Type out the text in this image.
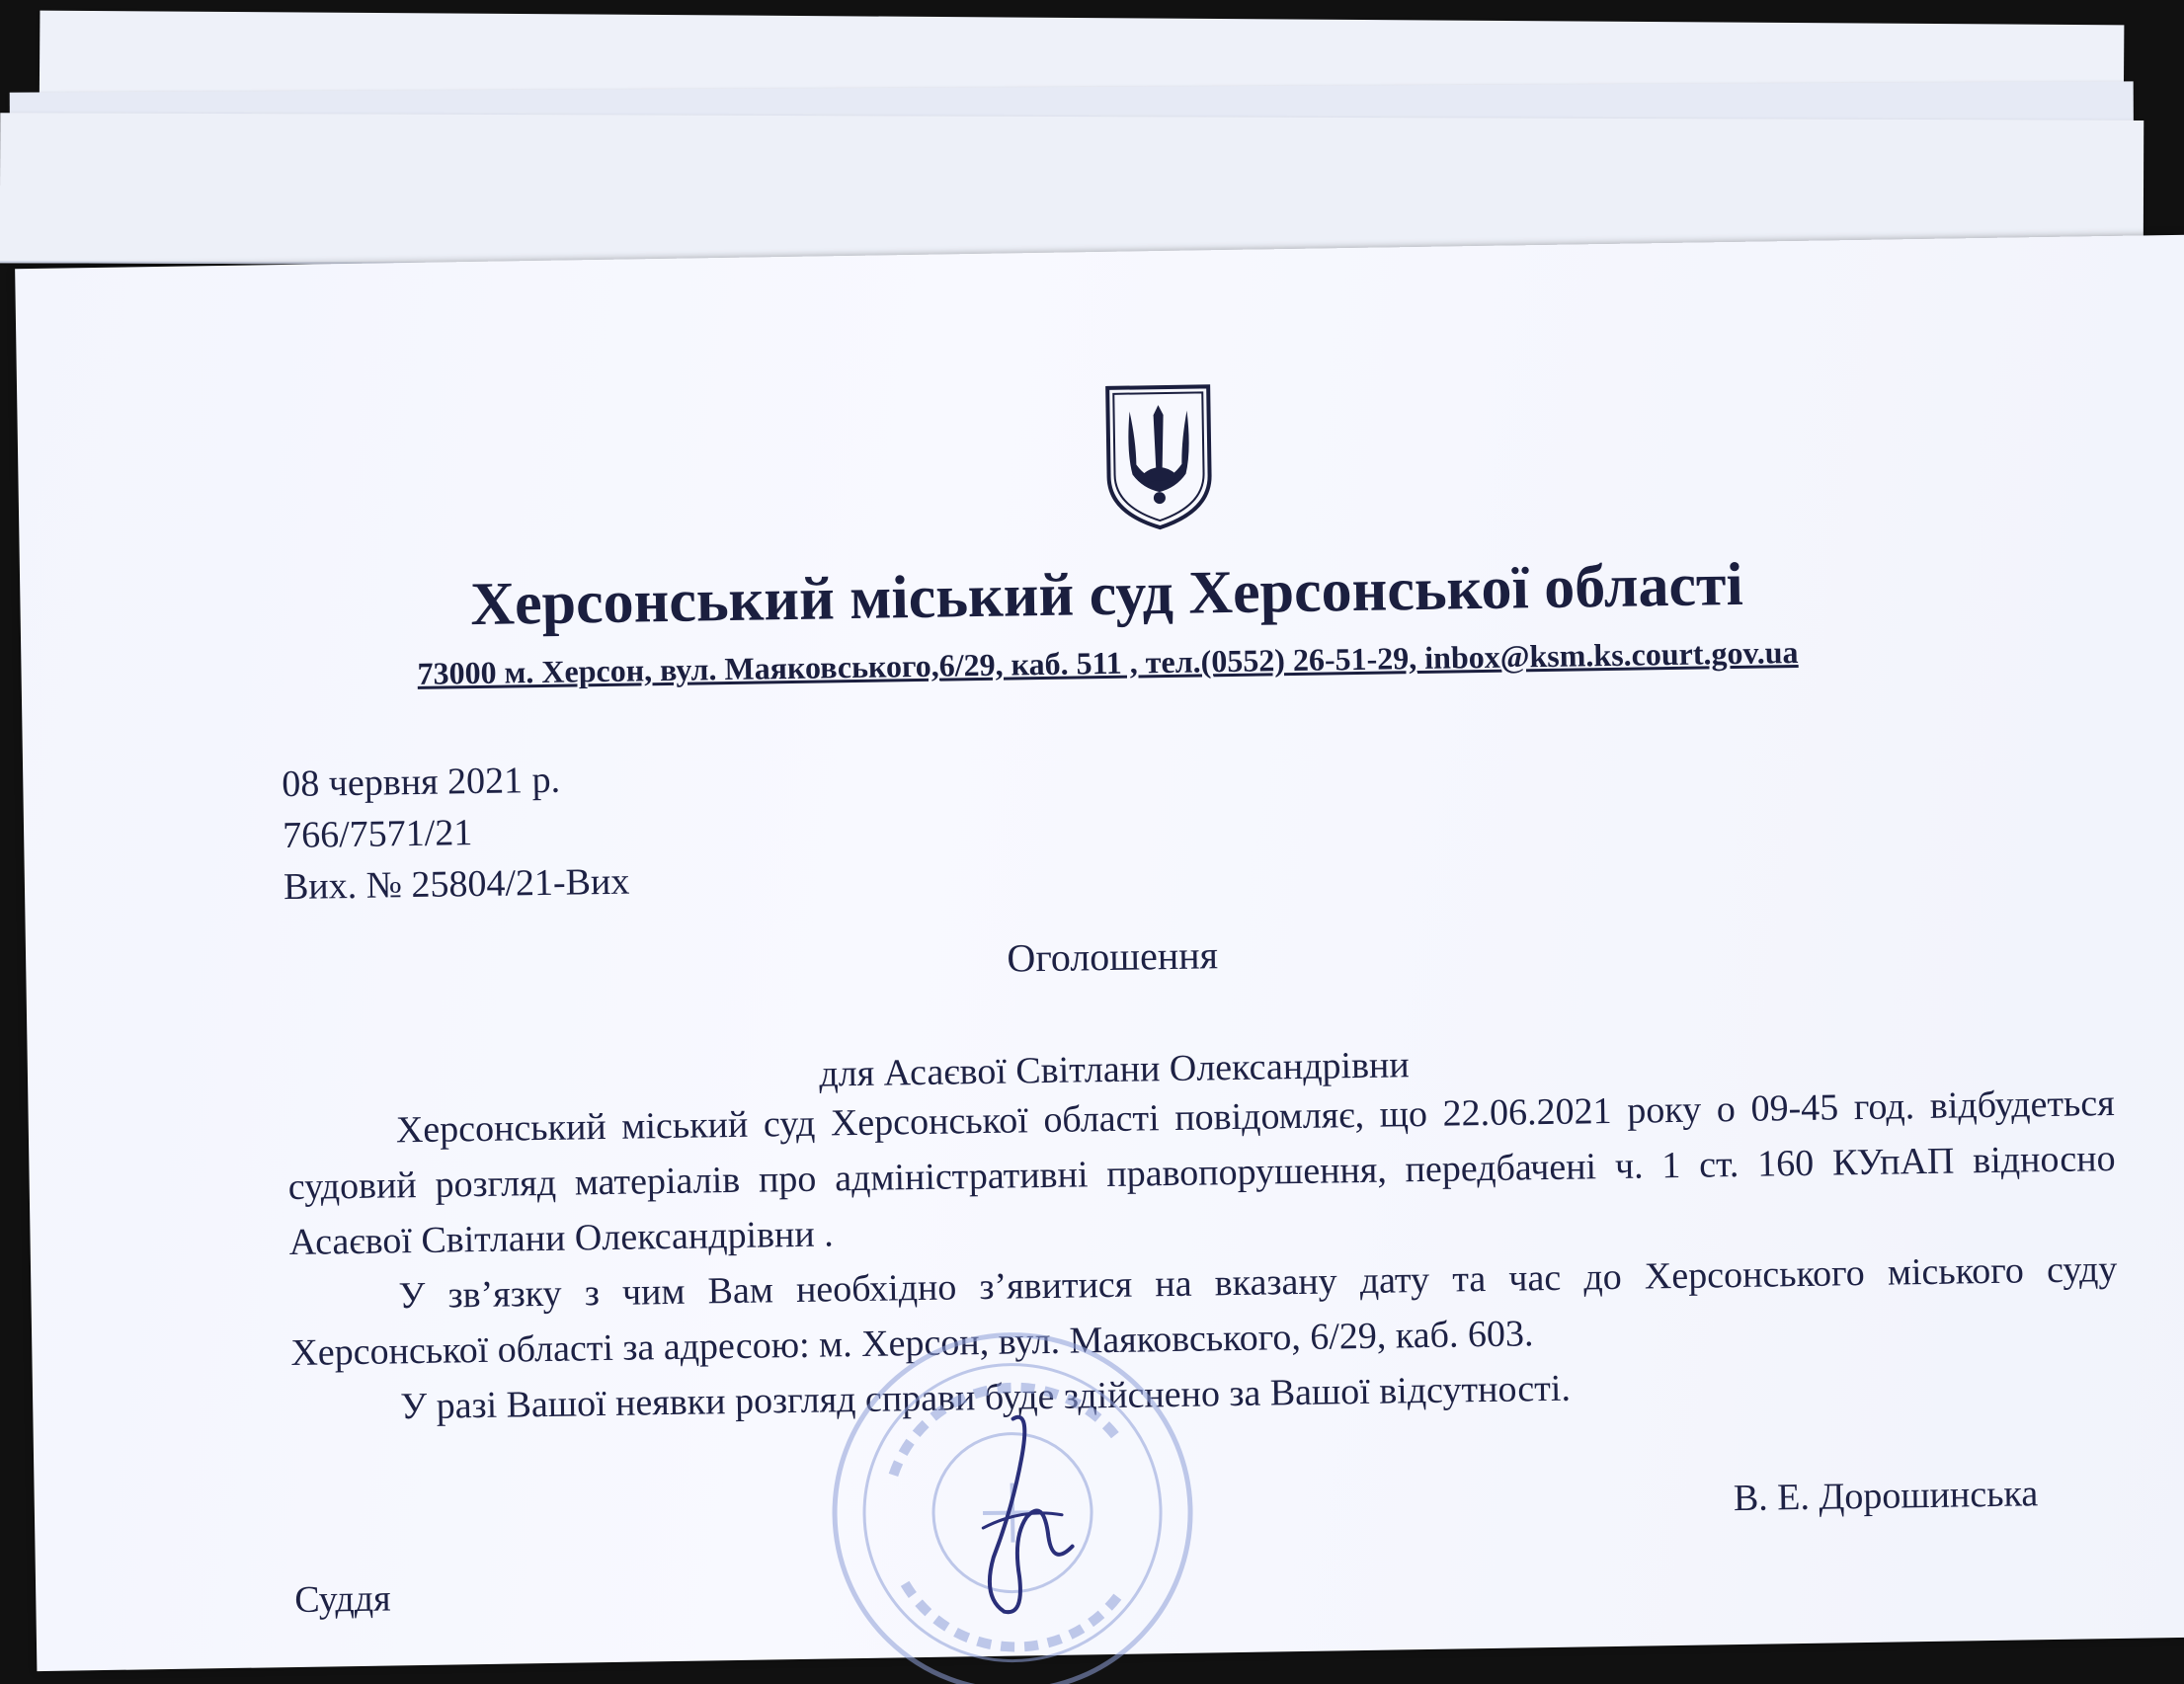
Херсонський міський суд Херсонської області
73000 м. Херсон, вул. Маяковського,6/29, каб. 511 , тел.(0552) 26-51-29, inbox@ksm.ks.court.gov.ua
08 червня 2021 р.
766/7571/21
Вих. № 25804/21-Вих
Оголошення
для Асаєвої Світлани Олександрівни

Херсонський міський суд Херсонської області повідомляє, що 22.06.2021 року о 09-45 год. відбудеться судовий розгляд матеріалів про адміністративні правопорушення, передбачені ч. 1 ст. 160 КУпАП відносно Асаєвої Світлани Олександрівни .

У зв’язку з чим Вам необхідно з’явитися на вказану дату та час до Херсонського міського суду Херсонської області за адресою: м. Херсон, вул. Маяковського, 6/29, каб. 603.

У разі Вашої неявки розгляд справи буде здійснено за Вашої відсутності.

В. Е. Дорошинська
Суддя
